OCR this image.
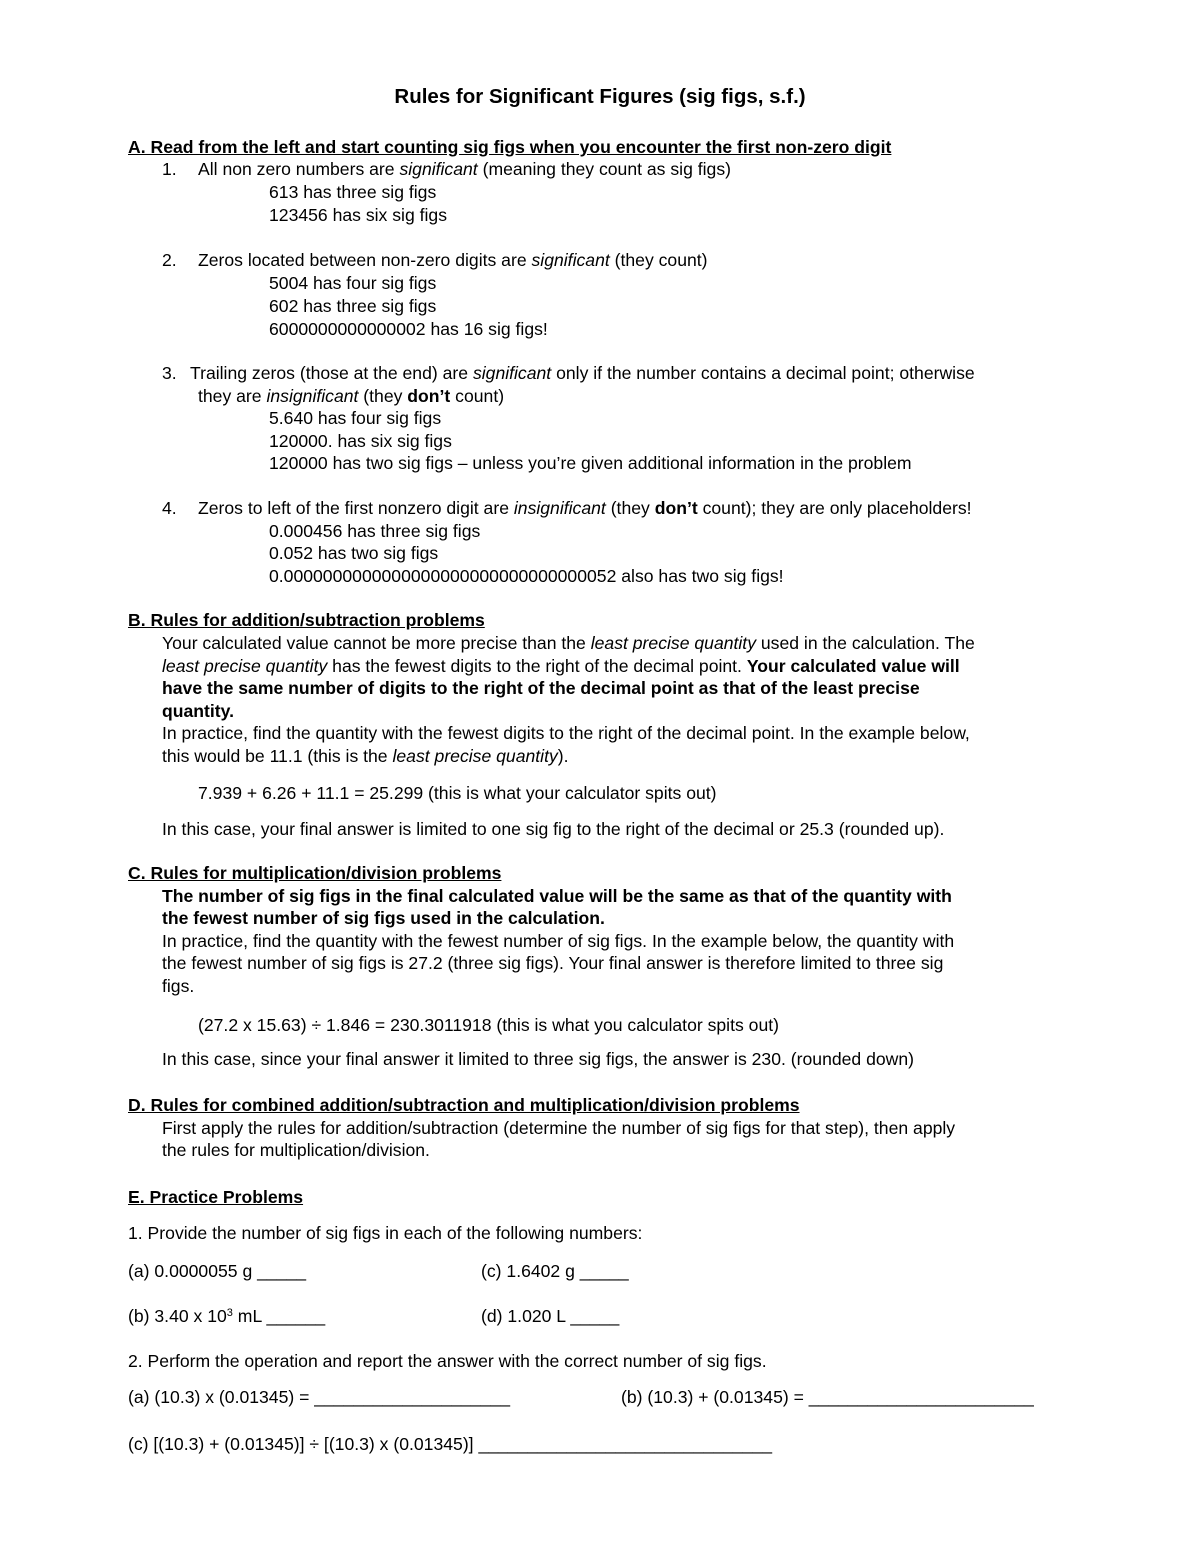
Rules for Significant Figures (sig figs, s.f.)
A. Read from the left and start counting sig figs when you encounter the first non-zero digit
1. All non zero numbers are significant (meaning they count as sig figs)
613 has three sig figs
123456 has six sig figs
2. Zeros located between non-zero digits are significant (they count)
5004 has four sig figs
602 has three sig figs
6000000000000002 has 16 sig figs!
3. Trailing zeros (those at the end) are significant only if the number contains a decimal point; otherwise
they are insignificant (they don’t count)
5.640 has four sig figs
120000. has six sig figs
120000 has two sig figs – unless you’re given additional information in the problem
4. Zeros to left of the first nonzero digit are insignificant (they don’t count); they are only placeholders!
0.000456 has three sig figs
0.052 has two sig figs
0.0000000000000000000000000000000052 also has two sig figs!
B. Rules for addition/subtraction problems
Your calculated value cannot be more precise than the least precise quantity used in the calculation. The
least precise quantity has the fewest digits to the right of the decimal point. Your calculated value will
have the same number of digits to the right of the decimal point as that of the least precise
quantity.
In practice, find the quantity with the fewest digits to the right of the decimal point. In the example below,
this would be 11.1 (this is the least precise quantity).
7.939 + 6.26 + 11.1 = 25.299 (this is what your calculator spits out)
In this case, your final answer is limited to one sig fig to the right of the decimal or 25.3 (rounded up).
C. Rules for multiplication/division problems
The number of sig figs in the final calculated value will be the same as that of the quantity with
the fewest number of sig figs used in the calculation.
In practice, find the quantity with the fewest number of sig figs. In the example below, the quantity with
the fewest number of sig figs is 27.2 (three sig figs). Your final answer is therefore limited to three sig
figs.
(27.2 x 15.63) ÷ 1.846 = 230.3011918 (this is what you calculator spits out)
In this case, since your final answer it limited to three sig figs, the answer is 230. (rounded down)
D. Rules for combined addition/subtraction and multiplication/division problems
First apply the rules for addition/subtraction (determine the number of sig figs for that step), then apply
the rules for multiplication/division.
E. Practice Problems
1. Provide the number of sig figs in each of the following numbers:
(a) 0.0000055 g _____	(c) 1.6402 g _____
(b) 3.40 x $10^3$ mL ______	(d) 1.020 L _____
2. Perform the operation and report the answer with the correct number of sig figs.
(a) (10.3) x (0.01345) = ____________________	(b) (10.3) + (0.01345) = _______________________
(c) [(10.3) + (0.01345)] ÷ [(10.3) x (0.01345)] ______________________________
